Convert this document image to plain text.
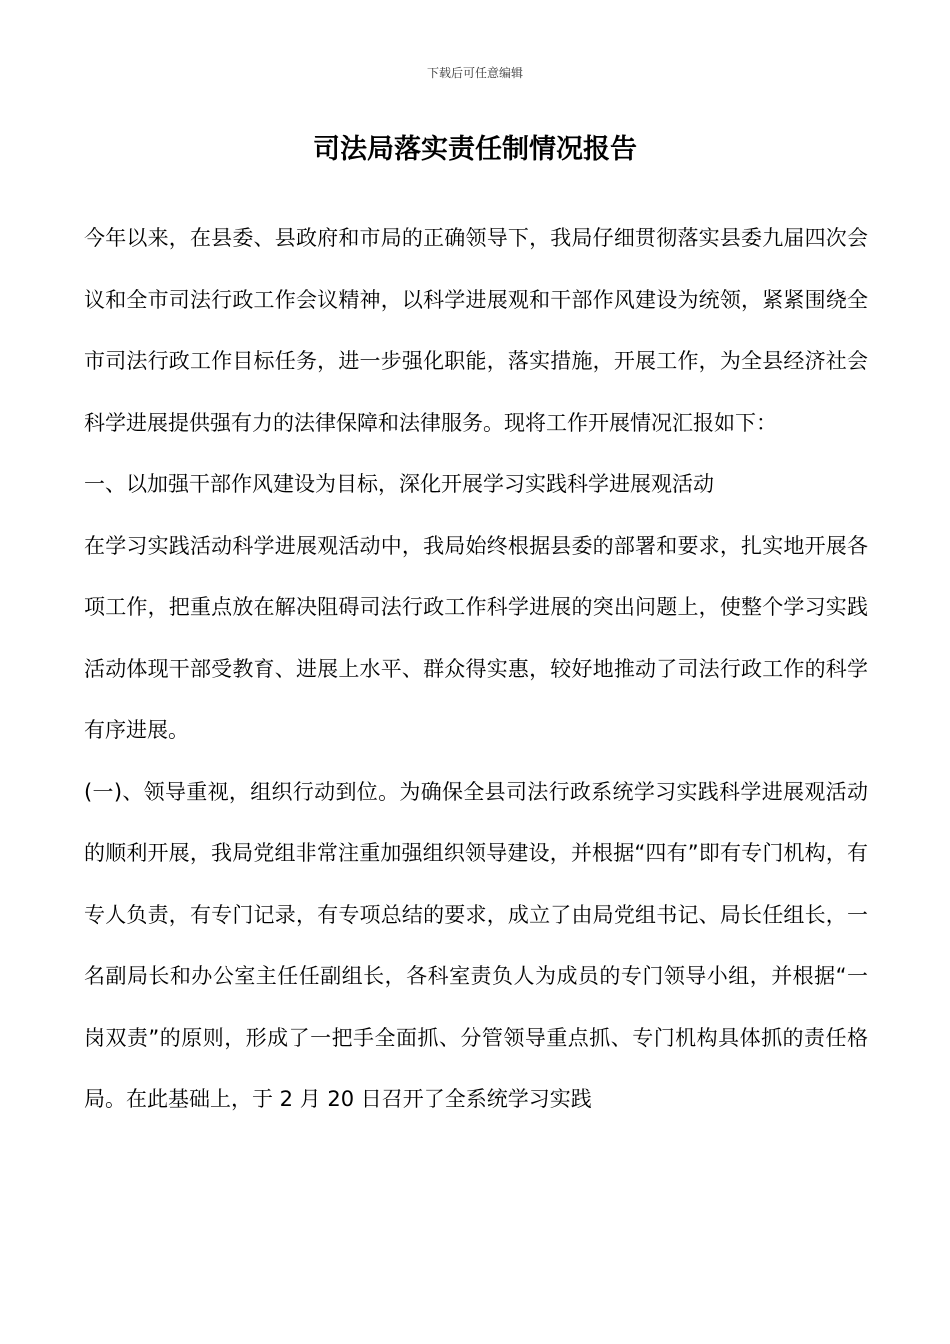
下载后可任意编辑
司法局落实责任制情况报告

今年以来，在县委、县政府和市局的正确领导下，我局仔细贯彻落实县委九届四次会议和全市司法行政工作会议精神，以科学进展观和干部作风建设为统领，紧紧围绕全市司法行政工作目标任务，进一步强化职能，落实措施，开展工作，为全县经济社会科学进展提供强有力的法律保障和法律服务。现将工作开展情况汇报如下：

一、以加强干部作风建设为目标，深化开展学习实践科学进展观活动

在学习实践活动科学进展观活动中，我局始终根据县委的部署和要求，扎实地开展各项工作，把重点放在解决阻碍司法行政工作科学进展的突出问题上，使整个学习实践活动体现干部受教育、进展上水平、群众得实惠，较好地推动了司法行政工作的科学有序进展。

(一)、领导重视，组织行动到位。为确保全县司法行政系统学习实践科学进展观活动的顺利开展，我局党组非常注重加强组织领导建设，并根据“四有”即有专门机构，有专人负责，有专门记录，有专项总结的要求，成立了由局党组书记、局长任组长，一名副局长和办公室主任任副组长，各科室责负人为成员的专门领导小组，并根据“一岗双责”的原则，形成了一把手全面抓、分管领导重点抓、专门机构具体抓的责任格局。在此基础上，于 2 月 20 日召开了全系统学习实践
